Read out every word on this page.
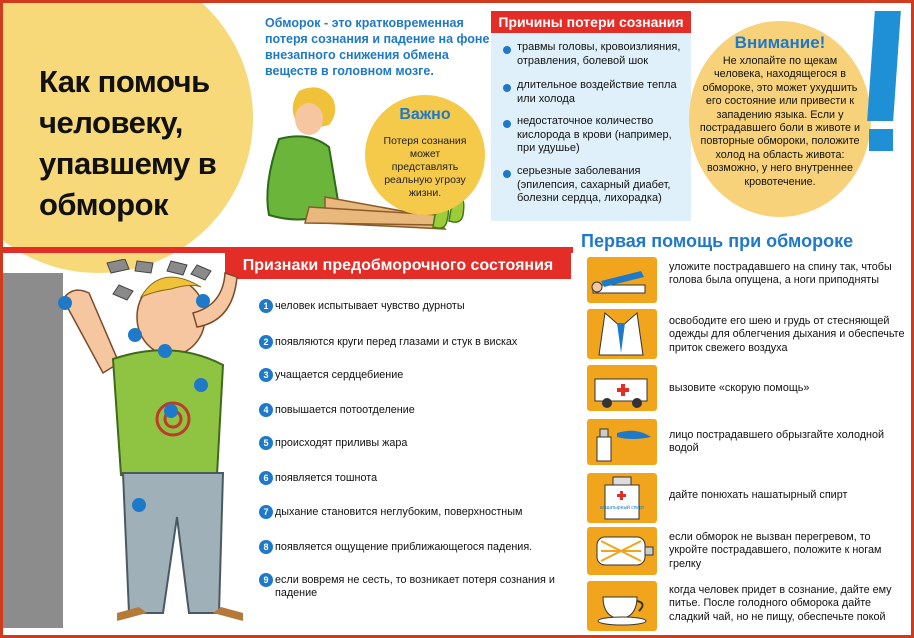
Как помочь человеку, упавшему в обморок
Обморок - это кратковременная потеря сознания и падение на фоне внезапного снижения обмена веществ в головном мозге.
Важно
Потеря сознания может представлять реальную угрозу жизни.
Причины потери сознания
травмы головы, кровоизлияния, отравления, болевой шок
длительное воздействие тепла или холода
недостаточное количество кислорода в крови (например, при удушье)
серьезные заболевания (эпилепсия, сахарный диабет, болезни сердца, лихорадка)
Внимание!
Не хлопайте по щекам человека, находящегося в обмороке, это может ухудшить его состояние или привести к западению языка. Если у пострадавшего боли в животе и повторные обмороки, положите холод на область живота: возможно, у него внутреннее кровотечение.
Признаки предобморочного состояния
1 человек испытывает чувство дурноты
2 появляются круги перед глазами и стук в висках
3 учащается сердцебиение
4 повышается потоотделение
5 происходят приливы жара
6 появляется тошнота
7 дыхание становится неглубоким, поверхностным
8 появляется ощущение приближающегося падения.
9 если вовремя не сесть, то возникает потеря сознания и падение
Первая помощь при обмороке
уложите пострадавшего на спину так, чтобы голова была опущена, а ноги приподняты
освободите его шею и грудь от стесняющей одежды для облегчения дыхания и обеспечьте приток свежего воздуха
вызовите «скорую помощь»
лицо пострадавшего обрызгайте холодной водой
нашатырный спирт
дайте понюхать нашатырный спирт
если обморок не вызван перегревом, то укройте пострадавшего, положите к ногам грелку
когда человек придет в сознание, дайте ему питье. После голодного обморока дайте сладкий чай, но не пищу, обеспечьте покой
